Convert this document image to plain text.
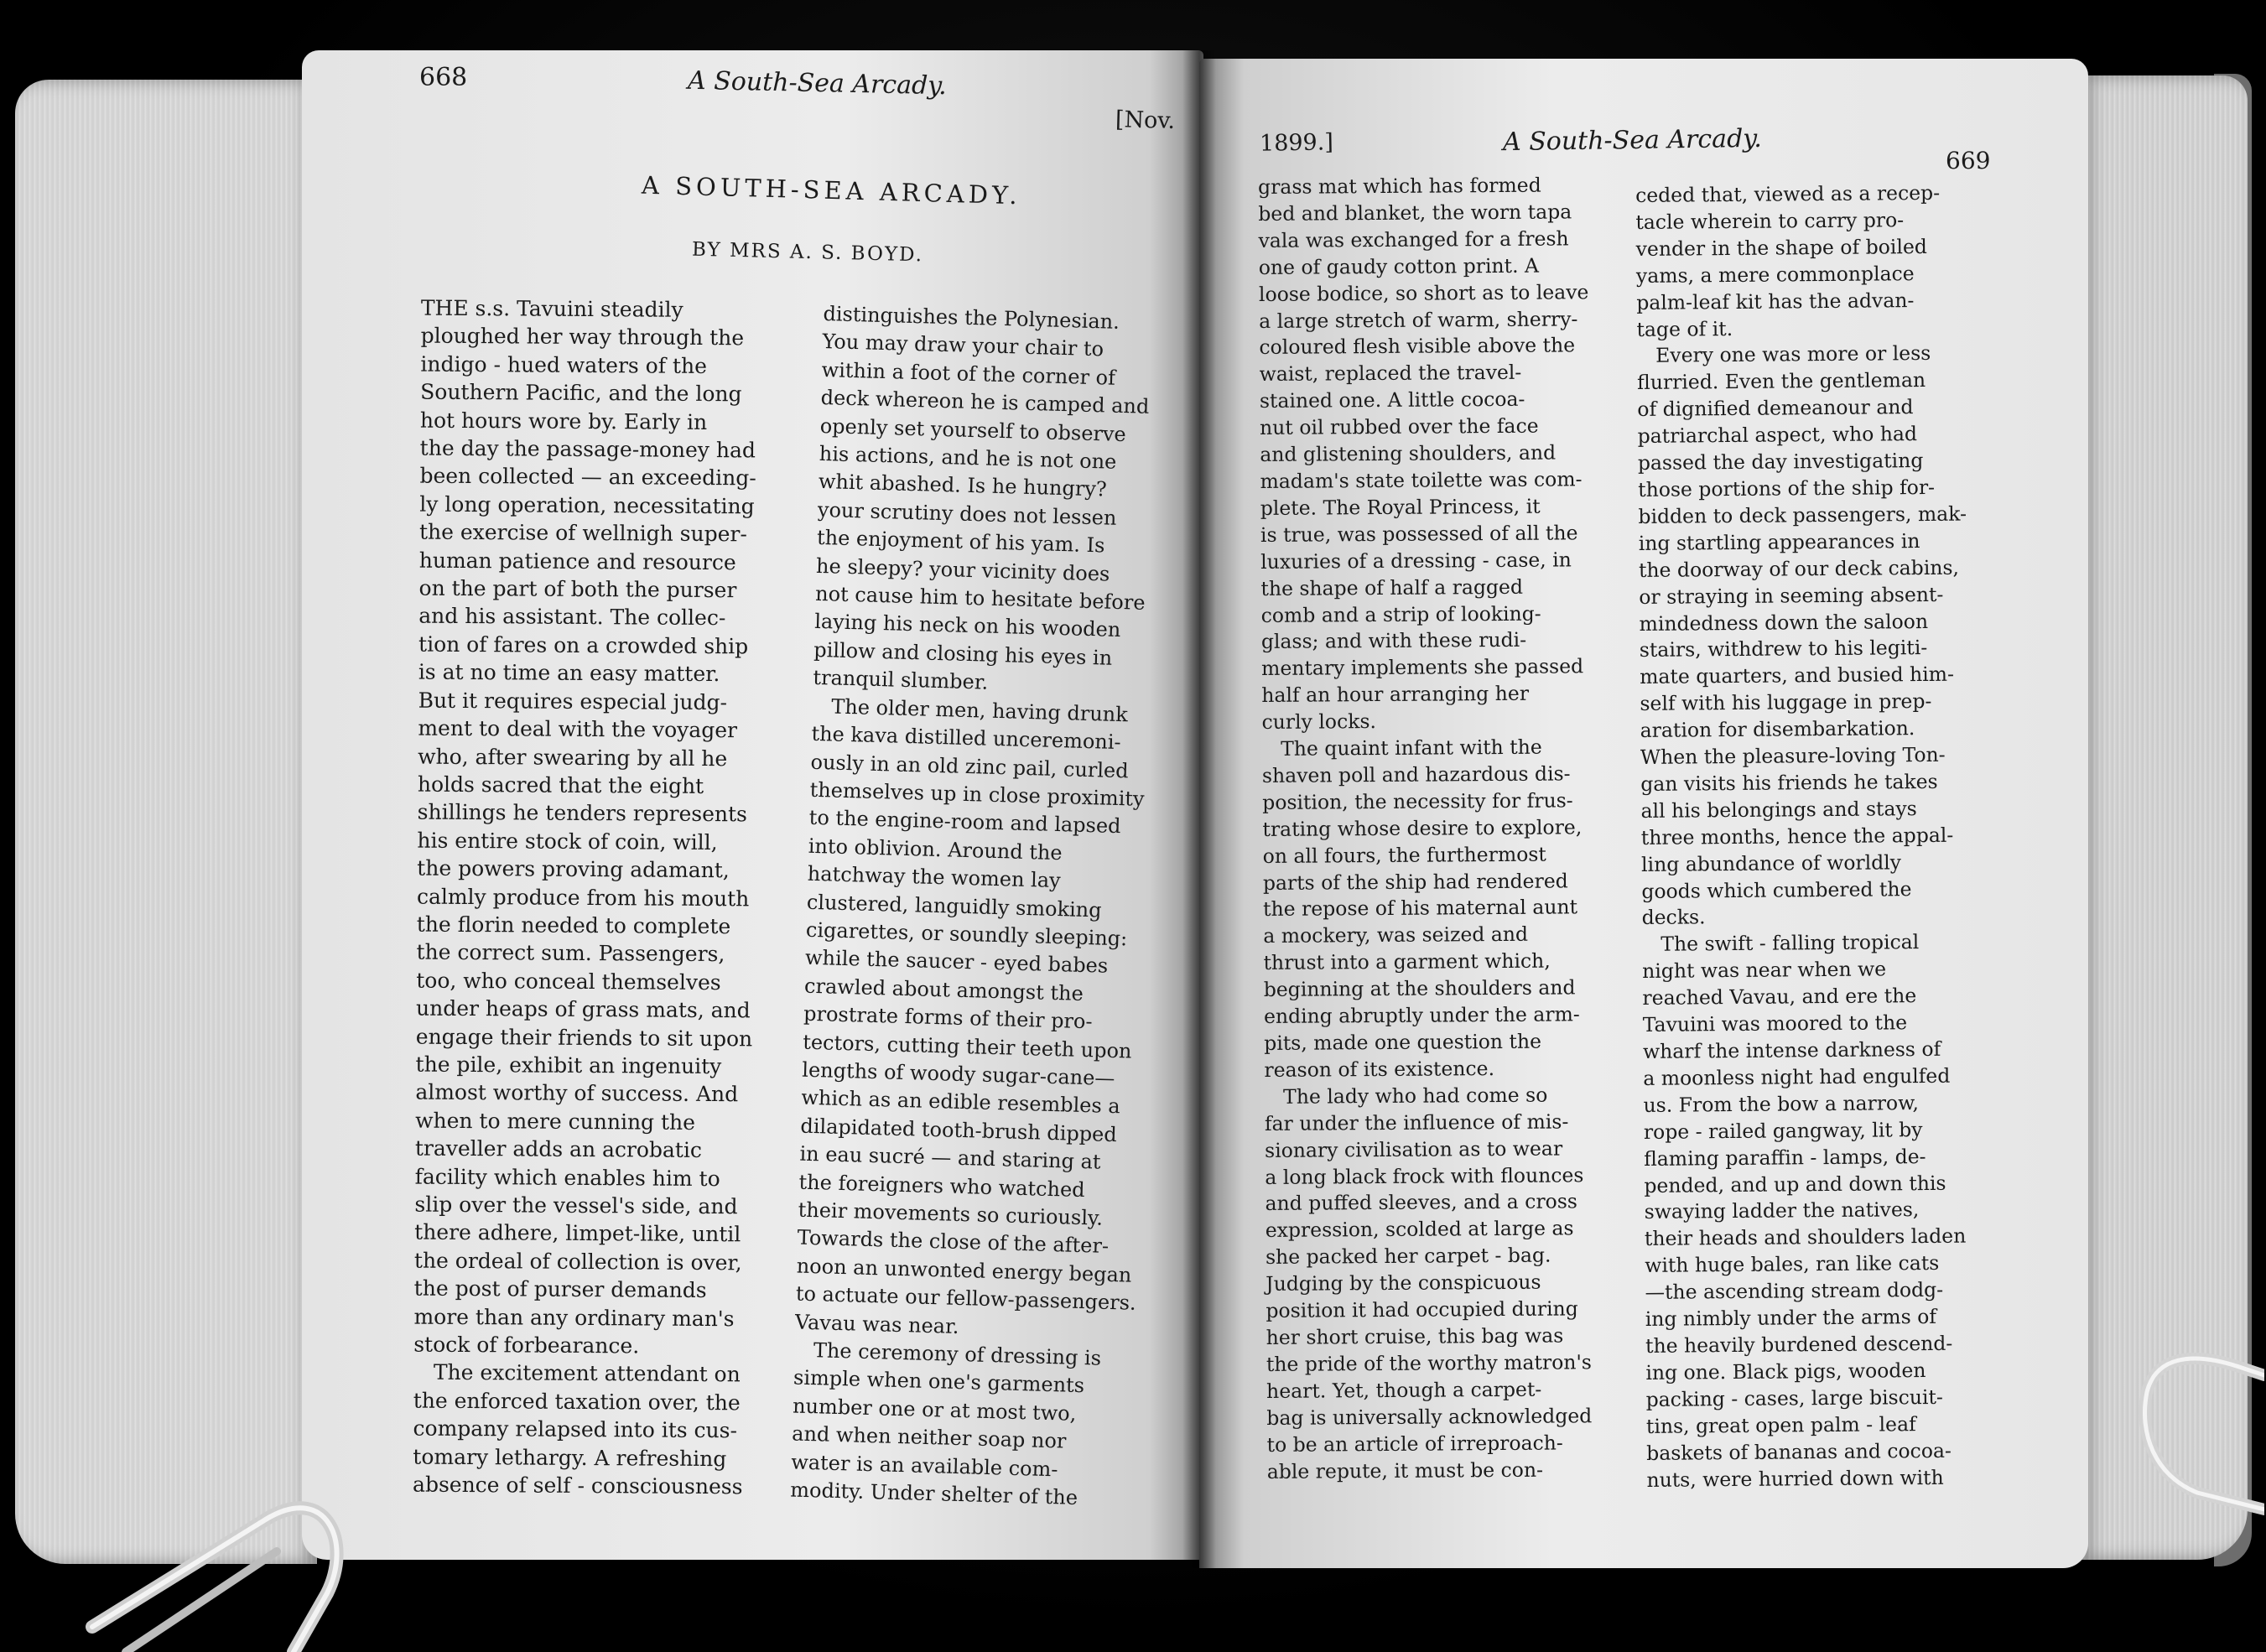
668	A South-Sea Arcady.
[Nov.
A SOUTH-SEA ARCADY.
BY MRS A. S. BOYD.
THE s.s. Tavuini steadily
ploughed her way through the
indigo - hued waters of the
Southern Pacific, and the long
hot hours wore by. Early in
the day the passage-money had
been collected — an exceeding-
ly long operation, necessitating
the exercise of wellnigh super-
human patience and resource
on the part of both the purser
and his assistant. The collec-
tion of fares on a crowded ship
is at no time an easy matter.
But it requires especial judg-
ment to deal with the voyager
who, after swearing by all he
holds sacred that the eight
shillings he tenders represents
his entire stock of coin, will,
the powers proving adamant,
calmly produce from his mouth
the florin needed to complete
the correct sum. Passengers,
too, who conceal themselves
under heaps of grass mats, and
engage their friends to sit upon
the pile, exhibit an ingenuity
almost worthy of success. And
when to mere cunning the
traveller adds an acrobatic
facility which enables him to
slip over the vessel's side, and
there adhere, limpet-like, until
the ordeal of collection is over,
the post of purser demands
more than any ordinary man's
stock of forbearance.
The excitement attendant on
the enforced taxation over, the
company relapsed into its cus-
tomary lethargy. A refreshing
absence of self - consciousness
distinguishes the Polynesian.
You may draw your chair to
within a foot of the corner of
deck whereon he is camped and
openly set yourself to observe
his actions, and he is not one
whit abashed. Is he hungry?
your scrutiny does not lessen
the enjoyment of his yam. Is
he sleepy? your vicinity does
not cause him to hesitate before
laying his neck on his wooden
pillow and closing his eyes in
tranquil slumber.
The older men, having drunk
the kava distilled unceremoni-
ously in an old zinc pail, curled
themselves up in close proximity
to the engine-room and lapsed
into oblivion. Around the
hatchway the women lay
clustered, languidly smoking
cigarettes, or soundly sleeping:
while the saucer - eyed babes
crawled about amongst the
prostrate forms of their pro-
tectors, cutting their teeth upon
lengths of woody sugar-cane—
which as an edible resembles a
dilapidated tooth-brush dipped
in eau sucré — and staring at
the foreigners who watched
their movements so curiously.
Towards the close of the after-
noon an unwonted energy began
to actuate our fellow-passengers.
Vavau was near.
The ceremony of dressing is
simple when one's garments
number one or at most two,
and when neither soap nor
water is an available com-
modity. Under shelter of the
1899.]	A South-Sea Arcady.
669
grass mat which has formed
bed and blanket, the worn tapa
vala was exchanged for a fresh
one of gaudy cotton print. A
loose bodice, so short as to leave
a large stretch of warm, sherry-
coloured flesh visible above the
waist, replaced the travel-
stained one. A little cocoa-
nut oil rubbed over the face
and glistening shoulders, and
madam's state toilette was com-
plete. The Royal Princess, it
is true, was possessed of all the
luxuries of a dressing - case, in
the shape of half a ragged
comb and a strip of looking-
glass; and with these rudi-
mentary implements she passed
half an hour arranging her
curly locks.
The quaint infant with the
shaven poll and hazardous dis-
position, the necessity for frus-
trating whose desire to explore,
on all fours, the furthermost
parts of the ship had rendered
the repose of his maternal aunt
a mockery, was seized and
thrust into a garment which,
beginning at the shoulders and
ending abruptly under the arm-
pits, made one question the
reason of its existence.
The lady who had come so
far under the influence of mis-
sionary civilisation as to wear
a long black frock with flounces
and puffed sleeves, and a cross
expression, scolded at large as
she packed her carpet - bag.
Judging by the conspicuous
position it had occupied during
her short cruise, this bag was
the pride of the worthy matron's
heart. Yet, though a carpet-
bag is universally acknowledged
to be an article of irreproach-
able repute, it must be con-
ceded that, viewed as a recep-
tacle wherein to carry pro-
vender in the shape of boiled
yams, a mere commonplace
palm-leaf kit has the advan-
tage of it.
Every one was more or less
flurried. Even the gentleman
of dignified demeanour and
patriarchal aspect, who had
passed the day investigating
those portions of the ship for-
bidden to deck passengers, mak-
ing startling appearances in
the doorway of our deck cabins,
or straying in seeming absent-
mindedness down the saloon
stairs, withdrew to his legiti-
mate quarters, and busied him-
self with his luggage in prep-
aration for disembarkation.
When the pleasure-loving Ton-
gan visits his friends he takes
all his belongings and stays
three months, hence the appal-
ling abundance of worldly
goods which cumbered the
decks.
The swift - falling tropical
night was near when we
reached Vavau, and ere the
Tavuini was moored to the
wharf the intense darkness of
a moonless night had engulfed
us. From the bow a narrow,
rope - railed gangway, lit by
flaming paraffin - lamps, de-
pended, and up and down this
swaying ladder the natives,
their heads and shoulders laden
with huge bales, ran like cats
—the ascending stream dodg-
ing nimbly under the arms of
the heavily burdened descend-
ing one. Black pigs, wooden
packing - cases, large biscuit-
tins, great open palm - leaf
baskets of bananas and cocoa-
nuts, were hurried down with
